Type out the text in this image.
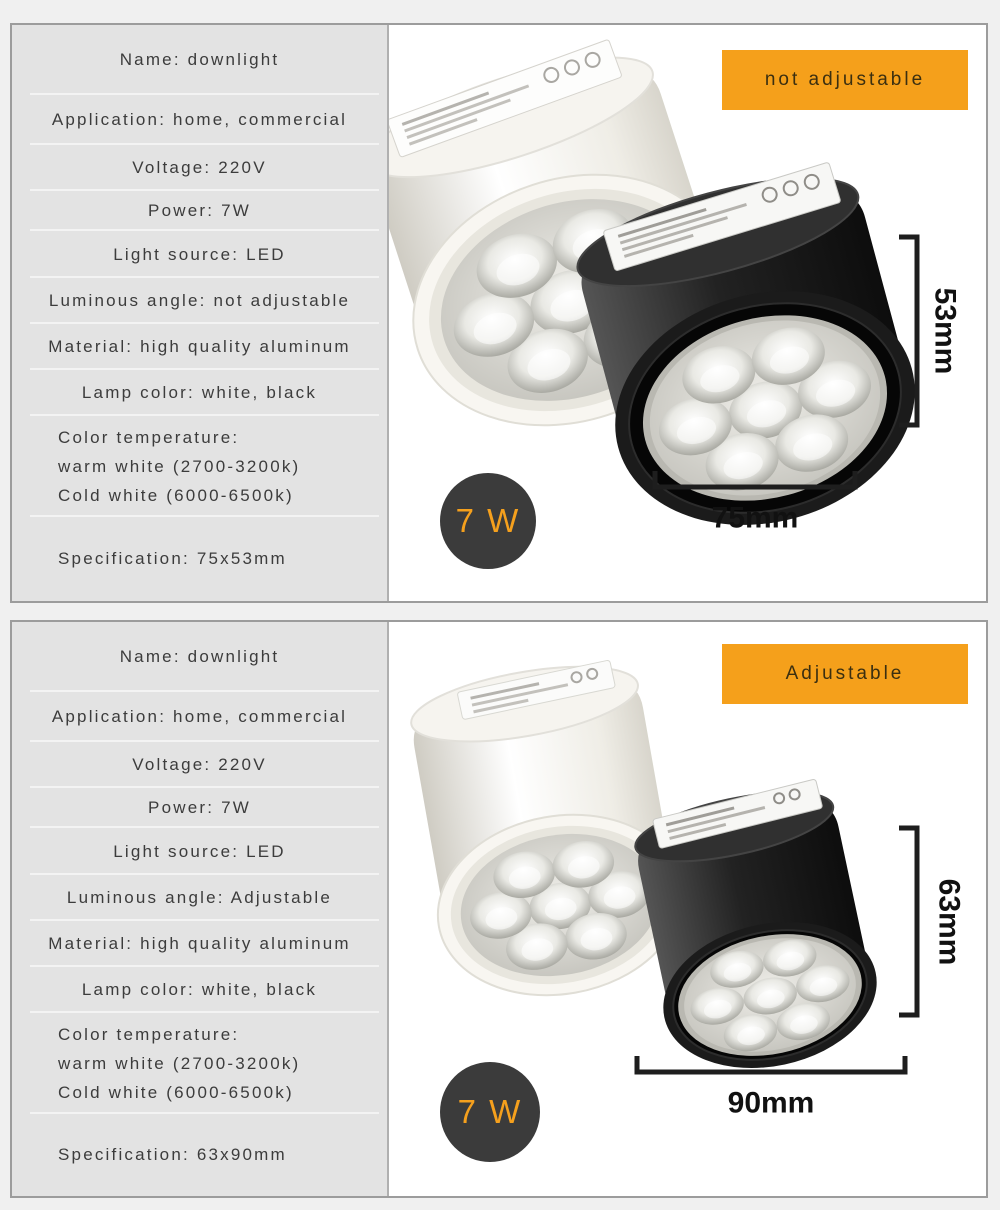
Name: downlight
Application: home, commercial
Voltage: 220V
Power: 7W
Light source: LED
Luminous angle: not adjustable
Material: high quality aluminum
Lamp color: white, black
Color temperature:
warm white (2700-3200k)
Cold white (6000-6500k)
Specification: 75x53mm
not adjustable
53mm
75mm
7 W
Name: downlight
Application: home, commercial
Voltage: 220V
Power: 7W
Light source: LED
Luminous angle: Adjustable
Material: high quality aluminum
Lamp color: white, black
Color temperature:
warm white (2700-3200k)
Cold white (6000-6500k)
Specification: 63x90mm
Adjustable
63mm
90mm
7 W
